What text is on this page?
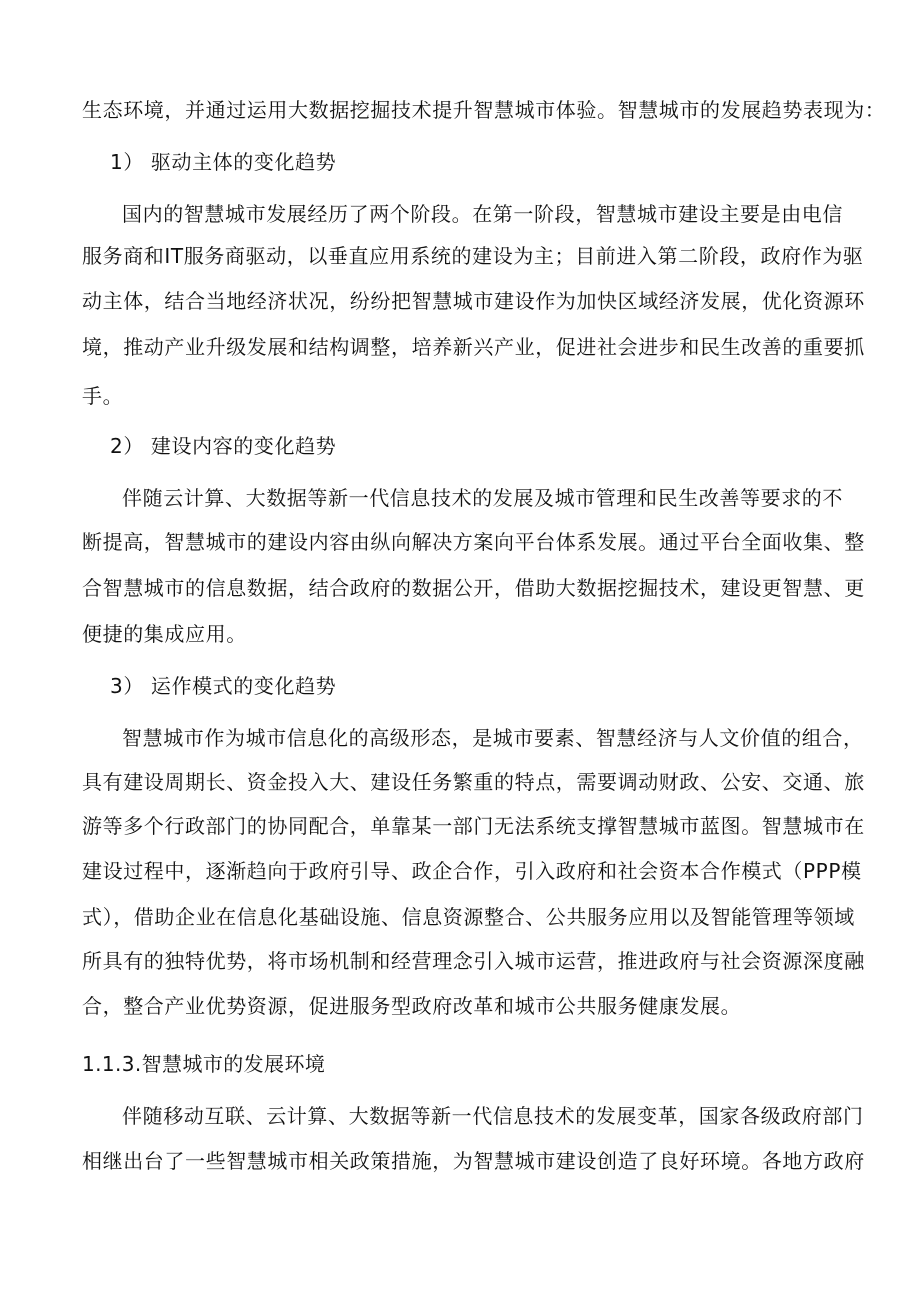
生态环境，并通过运用大数据挖掘技术提升智慧城市体验。智慧城市的发展趋势表现为：
1） 驱动主体的变化趋势
国内的智慧城市发展经历了两个阶段。在第一阶段，智慧城市建设主要是由电信
服务商和IT服务商驱动，以垂直应用系统的建设为主；目前进入第二阶段，政府作为驱
动主体，结合当地经济状况，纷纷把智慧城市建设作为加快区域经济发展，优化资源环
境，推动产业升级发展和结构调整，培养新兴产业，促进社会进步和民生改善的重要抓
手。
2） 建设内容的变化趋势
伴随云计算、大数据等新一代信息技术的发展及城市管理和民生改善等要求的不
断提高，智慧城市的建设内容由纵向解决方案向平台体系发展。通过平台全面收集、整
合智慧城市的信息数据，结合政府的数据公开，借助大数据挖掘技术，建设更智慧、更
便捷的集成应用。
3） 运作模式的变化趋势
智慧城市作为城市信息化的高级形态，是城市要素、智慧经济与人文价值的组合，
具有建设周期长、资金投入大、建设任务繁重的特点，需要调动财政、公安、交通、旅
游等多个行政部门的协同配合，单靠某一部门无法系统支撑智慧城市蓝图。智慧城市在
建设过程中，逐渐趋向于政府引导、政企合作，引入政府和社会资本合作模式（PPP模
式），借助企业在信息化基础设施、信息资源整合、公共服务应用以及智能管理等领域
所具有的独特优势，将市场机制和经营理念引入城市运营，推进政府与社会资源深度融
合，整合产业优势资源，促进服务型政府改革和城市公共服务健康发展。
1.1.3.智慧城市的发展环境
伴随移动互联、云计算、大数据等新一代信息技术的发展变革，国家各级政府部门
相继出台了一些智慧城市相关政策措施，为智慧城市建设创造了良好环境。各地方政府
